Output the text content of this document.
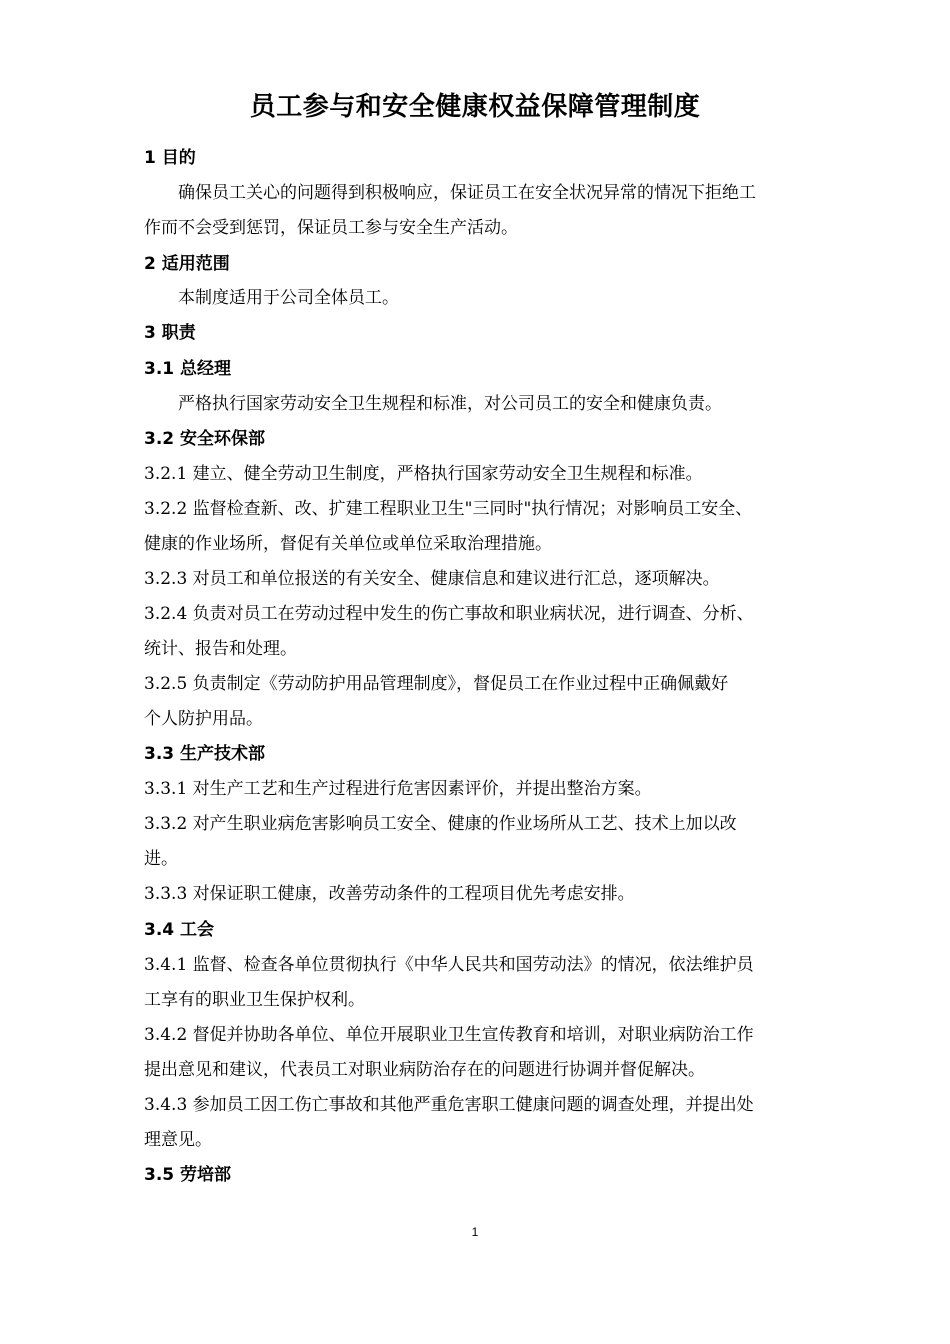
员工参与和安全健康权益保障管理制度
1 目的
确保员工关心的问题得到积极响应，保证员工在安全状况异常的情况下拒绝工
作而不会受到惩罚，保证员工参与安全生产活动。
2 适用范围
本制度适用于公司全体员工。
3 职责
3.1 总经理
严格执行国家劳动安全卫生规程和标准，对公司员工的安全和健康负责。
3.2 安全环保部
3.2.1 建立、健全劳动卫生制度，严格执行国家劳动安全卫生规程和标准。
3.2.2 监督检查新、改、扩建工程职业卫生"三同时"执行情况；对影响员工安全、
健康的作业场所，督促有关单位或单位采取治理措施。
3.2.3 对员工和单位报送的有关安全、健康信息和建议进行汇总，逐项解决。
3.2.4 负责对员工在劳动过程中发生的伤亡事故和职业病状况，进行调查、分析、
统计、报告和处理。
3.2.5 负责制定《劳动防护用品管理制度》，督促员工在作业过程中正确佩戴好
个人防护用品。
3.3 生产技术部
3.3.1 对生产工艺和生产过程进行危害因素评价，并提出整治方案。
3.3.2 对产生职业病危害影响员工安全、健康的作业场所从工艺、技术上加以改
进。
3.3.3 对保证职工健康，改善劳动条件的工程项目优先考虑安排。
3.4 工会
3.4.1 监督、检查各单位贯彻执行《中华人民共和国劳动法》的情况，依法维护员
工享有的职业卫生保护权利。
3.4.2 督促并协助各单位、单位开展职业卫生宣传教育和培训，对职业病防治工作
提出意见和建议，代表员工对职业病防治存在的问题进行协调并督促解决。
3.4.3 参加员工因工伤亡事故和其他严重危害职工健康问题的调查处理，并提出处
理意见。
3.5 劳培部
1
